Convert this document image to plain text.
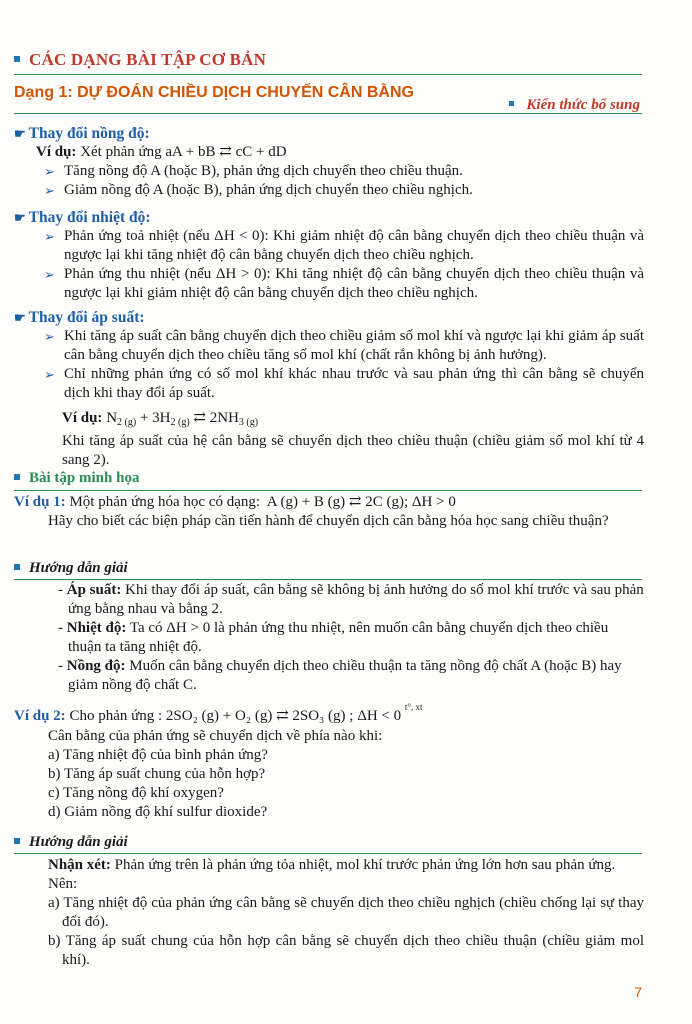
CÁC DẠNG BÀI TẬP CƠ BẢN
Dạng 1: DỰ ĐOÁN CHIỀU DỊCH CHUYỂN CÂN BẰNG
Kiến thức bổ sung
☛ Thay đổi nồng độ:
Ví dụ: Xét phản ứng aA + bB ⇄ cC + dD
➢ Tăng nồng độ A (hoặc B), phản ứng dịch chuyển theo chiều thuận.
➢ Giảm nồng độ A (hoặc B), phản ứng dịch chuyển theo chiều nghịch.
☛ Thay đổi nhiệt độ:
➢ Phản ứng toả nhiệt (nếu ΔH < 0): Khi giảm nhiệt độ cân bằng chuyển dịch theo chiều thuận và ngược lại khi tăng nhiệt độ cân bằng chuyển dịch theo chiều nghịch.
➢ Phản ứng thu nhiệt (nếu ΔH > 0): Khi tăng nhiệt độ cân bằng chuyển dịch theo chiều thuận và ngược lại khi giảm nhiệt độ cân bằng chuyển dịch theo chiều nghịch.
☛ Thay đổi áp suất:
➢ Khi tăng áp suất cân bằng chuyển dịch theo chiều giảm số mol khí và ngược lại khi giảm áp suất cân bằng chuyển dịch theo chiều tăng số mol khí (chất rắn không bị ảnh hưởng).
➢ Chỉ những phản ứng có số mol khí khác nhau trước và sau phản ứng thì cân bằng sẽ chuyển dịch khi thay đổi áp suất.
Ví dụ: $N_{2 (g)} + 3H_{2 (g)}$ ⇄ $2NH_{3 (g)}$
Khi tăng áp suất của hệ cân bằng sẽ chuyển dịch theo chiều thuận (chiều giảm số mol khí từ 4 sang 2).
Bài tập minh họa
Ví dụ 1: Một phản ứng hóa học có dạng: A (g) + B (g) ⇄ 2C (g); ΔH > 0
Hãy cho biết các biện pháp cần tiến hành để chuyển dịch cân bằng hóa học sang chiều thuận?
Hướng dẫn giải
- Áp suất: Khi thay đổi áp suất, cân bằng sẽ không bị ảnh hưởng do số mol khí trước và sau phản ứng bằng nhau và bằng 2.
- Nhiệt độ: Ta có ΔH > 0 là phản ứng thu nhiệt, nên muốn cân bằng chuyển dịch theo chiều thuận ta tăng nhiệt độ.
- Nồng độ: Muốn cân bằng chuyển dịch theo chiều thuận ta tăng nồng độ chất A (hoặc B) hay giảm nồng độ chất C.
Ví dụ 2: Cho phản ứng : 2SO₂ (g) + O₂ (g) ⇄ 2SO₃ (g) ; ΔH < 0 $^{t^\circ, xt}$
Cân bằng của phản ứng sẽ chuyển dịch về phía nào khi:
a) Tăng nhiệt độ của bình phản ứng?
b) Tăng áp suất chung của hỗn hợp?
c) Tăng nồng độ khí oxygen?
d) Giảm nồng độ khí sulfur dioxide?
Hướng dẫn giải
Nhận xét: Phản ứng trên là phản ứng tỏa nhiệt, mol khí trước phản ứng lớn hơn sau phản ứng.
Nên:
a) Tăng nhiệt độ của phản ứng cân bằng sẽ chuyển dịch theo chiều nghịch (chiều chống lại sự thay đổi đó).
b) Tăng áp suất chung của hỗn hợp cân bằng sẽ chuyển dịch theo chiều thuận (chiều giảm mol khí).
7
